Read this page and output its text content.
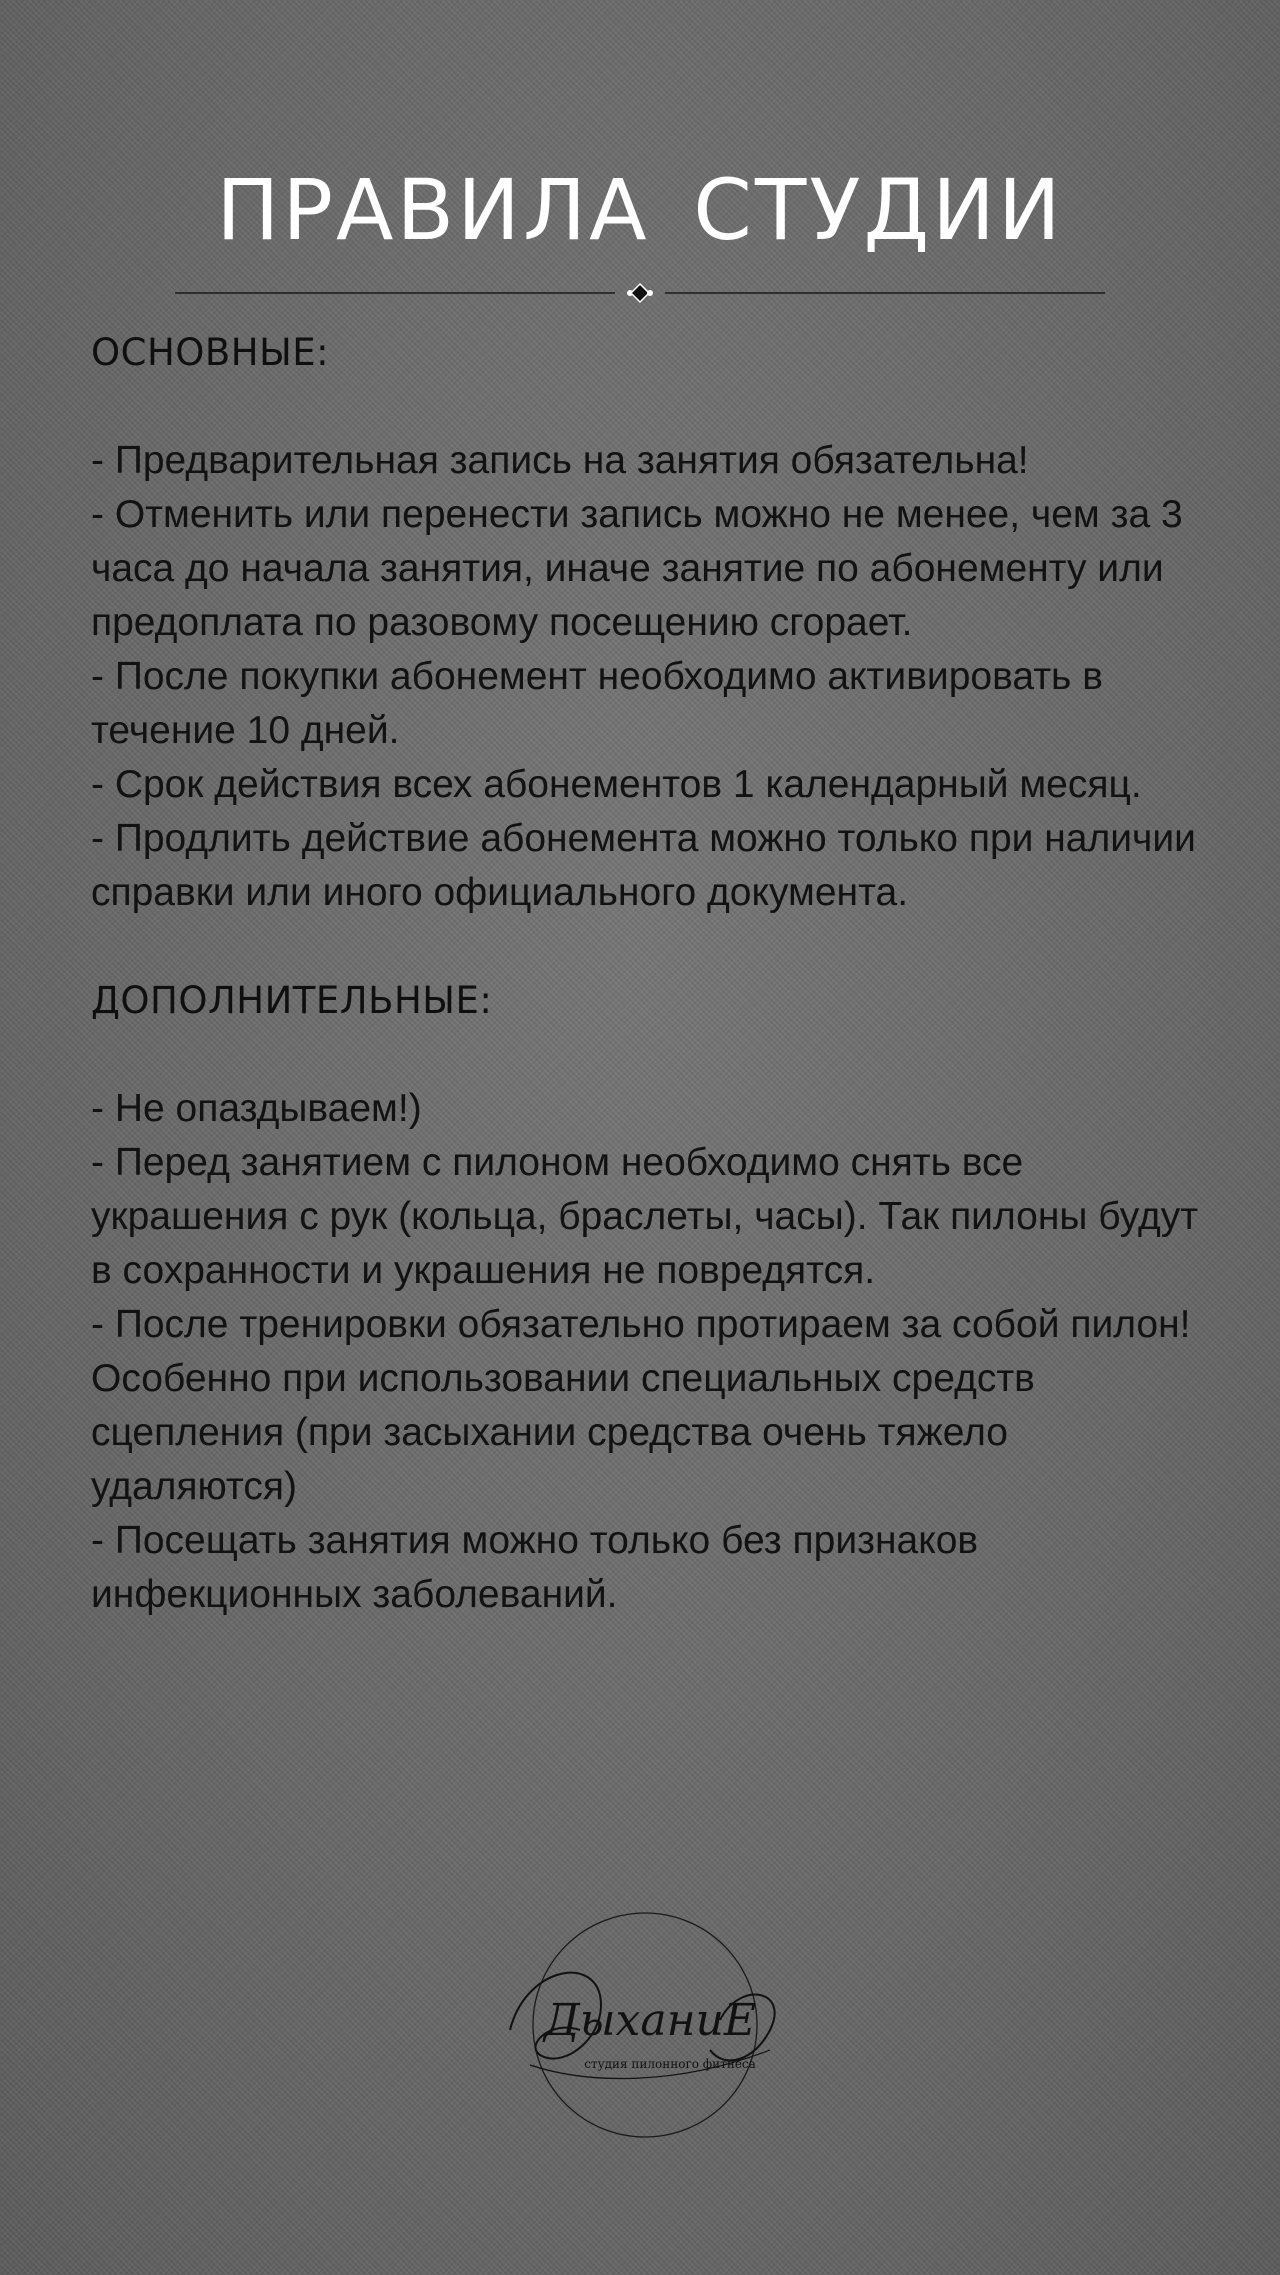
ПРАВИЛА СТУДИИ
ОСНОВНЫЕ:

- Предварительная запись на занятия обязательна!

- Отменить или перенести запись можно не менее, чем за 3 часа до начала занятия, иначе занятие по абонементу или предоплата по разовому посещению сгорает.

- После покупки абонемент необходимо активировать в течение 10 дней.

- Срок действия всех абонементов 1 календарный месяц.

- Продлить действие абонемента можно только при наличии справки или иного официального документа.

ДОПОЛНИТЕЛЬНЫЕ:

- Не опаздываем!)

- Перед занятием с пилоном необходимо снять все украшения с рук (кольца, браслеты, часы). Так пилоны будут в сохранности и украшения не повредятся.

- После тренировки обязательно протираем за собой пилон! Особенно при использовании специальных средств сцепления (при засыхании средства очень тяжело удаляются)

- Посещать занятия можно только без признаков инфекционных заболеваний.

ДыханиЕ
студия пилонного фитнеса
